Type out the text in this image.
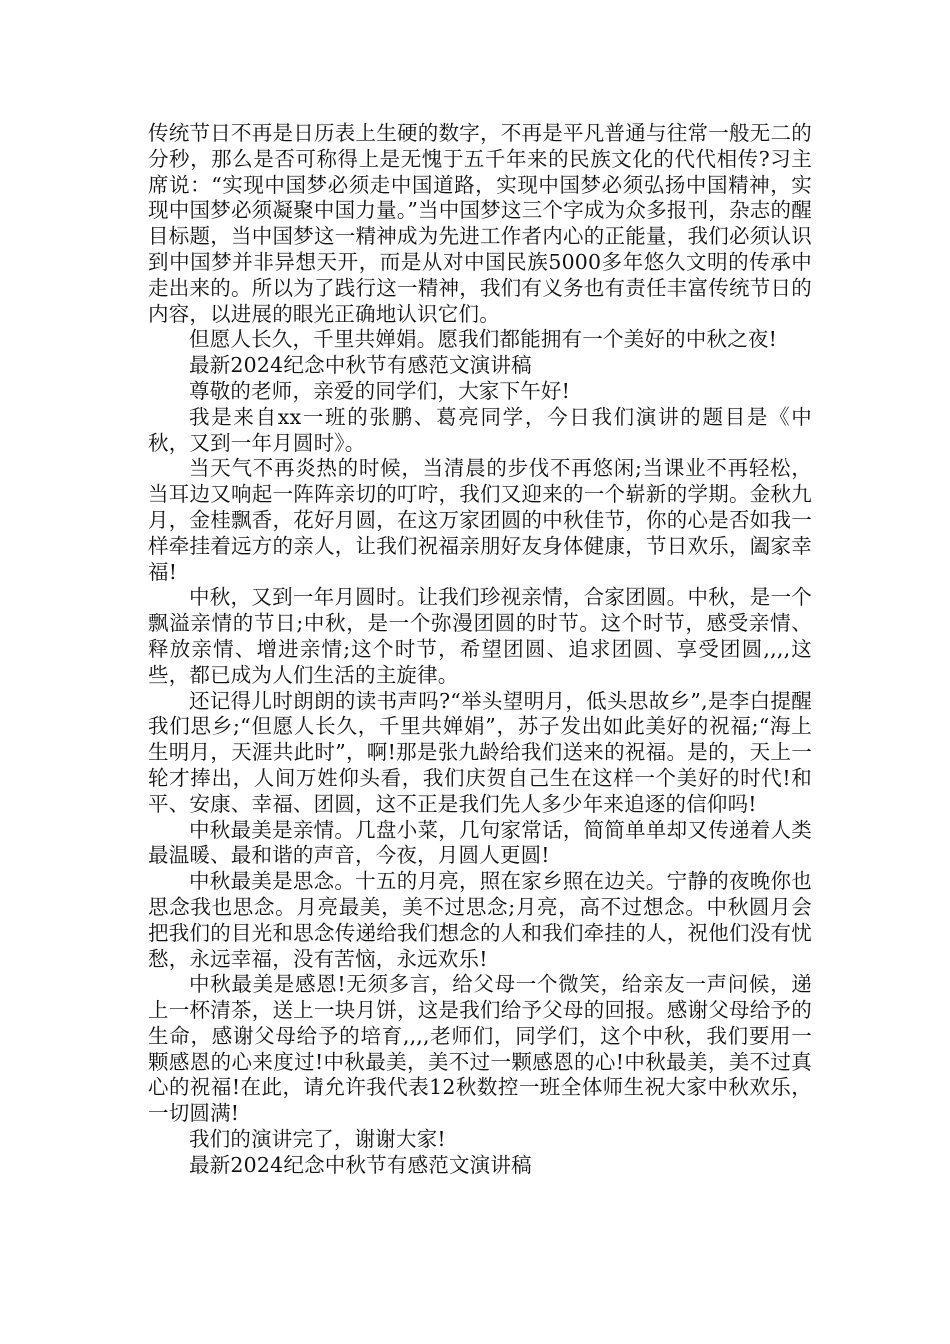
传统节日不再是日历表上生硬的数字，不再是平凡普通与往常一般无二的分秒，那么是否可称得上是无愧于五千年来的民族文化的代代相传?习主席说：“实现中国梦必须走中国道路，实现中国梦必须弘扬中国精神，实现中国梦必须凝聚中国力量。”当中国梦这三个字成为众多报刊，杂志的醒目标题，当中国梦这一精神成为先进工作者内心的正能量，我们必须认识到中国梦并非异想天开，而是从对中国民族5000多年悠久文明的传承中走出来的。所以为了践行这一精神，我们有义务也有责任丰富传统节日的内容，以进展的眼光正确地认识它们。

但愿人长久，千里共婵娟。愿我们都能拥有一个美好的中秋之夜!

最新2024纪念中秋节有感范文演讲稿

尊敬的老师，亲爱的同学们，大家下午好!

我是来自xx一班的张鹏、葛亮同学，今日我们演讲的题目是《中秋，又到一年月圆时》。

当天气不再炎热的时候，当清晨的步伐不再悠闲;当课业不再轻松，当耳边又响起一阵阵亲切的叮咛，我们又迎来的一个崭新的学期。金秋九月，金桂飘香，花好月圆，在这万家团圆的中秋佳节，你的心是否如我一样牵挂着远方的亲人，让我们祝福亲朋好友身体健康，节日欢乐，阖家幸福!

中秋，又到一年月圆时。让我们珍视亲情，合家团圆。中秋，是一个飘溢亲情的节日;中秋，是一个弥漫团圆的时节。这个时节，感受亲情、释放亲情、增进亲情;这个时节，希望团圆、追求团圆、享受团圆,,,,这些，都已成为人们生活的主旋律。

还记得儿时朗朗的读书声吗?“举头望明月，低头思故乡”,是李白提醒我们思乡;“但愿人长久，千里共婵娟”，苏子发出如此美好的祝福;“海上生明月，天涯共此时”，啊!那是张九龄给我们送来的祝福。是的，天上一轮才捧出，人间万姓仰头看，我们庆贺自己生在这样一个美好的时代!和平、安康、幸福、团圆，这不正是我们先人多少年来追逐的信仰吗!

中秋最美是亲情。几盘小菜，几句家常话，简简单单却又传递着人类最温暖、最和谐的声音，今夜，月圆人更圆!

中秋最美是思念。十五的月亮，照在家乡照在边关。宁静的夜晚你也思念我也思念。月亮最美，美不过思念;月亮，高不过想念。中秋圆月会把我们的目光和思念传递给我们想念的人和我们牵挂的人，祝他们没有忧愁，永远幸福，没有苦恼，永远欢乐!

中秋最美是感恩!无须多言，给父母一个微笑，给亲友一声问候，递上一杯清茶，送上一块月饼，这是我们给予父母的回报。感谢父母给予的生命，感谢父母给予的培育,,,,老师们，同学们，这个中秋，我们要用一颗感恩的心来度过!中秋最美，美不过一颗感恩的心!中秋最美，美不过真心的祝福!在此，请允许我代表12秋数控一班全体师生祝大家中秋欢乐，一切圆满!

我们的演讲完了，谢谢大家!

最新2024纪念中秋节有感范文演讲稿
